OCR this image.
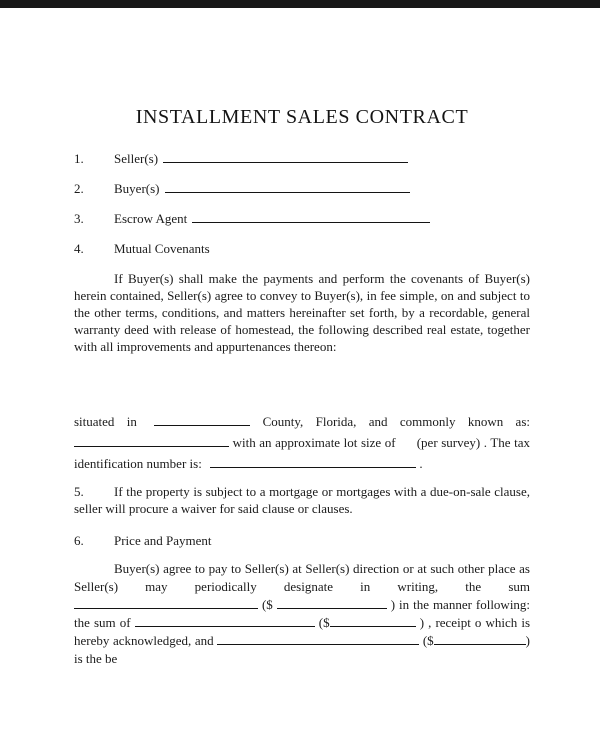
INSTALLMENT SALES CONTRACT
1. Seller(s)
2. Buyer(s)
3. Escrow Agent
4. Mutual Covenants

If Buyer(s) shall make the payments and perform the covenants of Buyer(s) herein contained, Seller(s) agree to convey to Buyer(s), in fee simple, on and subject to the other terms, conditions, and matters hereinafter set forth, by a recordable, general warranty deed with release of homestead, the following described real estate, together with all improvements and appurtenances thereon:

situated in	County, Florida, and commonly known as:
with an approximate lot size of (per survey) . The tax
identification number is:	.
5. If the property is subject to a mortgage or mortgages with a due-on-sale clause, seller will procure a waiver for said clause or clauses.
6. Price and Payment

Buyer(s) agree to pay to Seller(s) at Seller(s) direction or at such other place as Seller(s) may periodically designate in writing, the sum  ($	) in the manner following: the sum of	($	) , receipt o which is hereby acknowledged, and	($	) is the be
